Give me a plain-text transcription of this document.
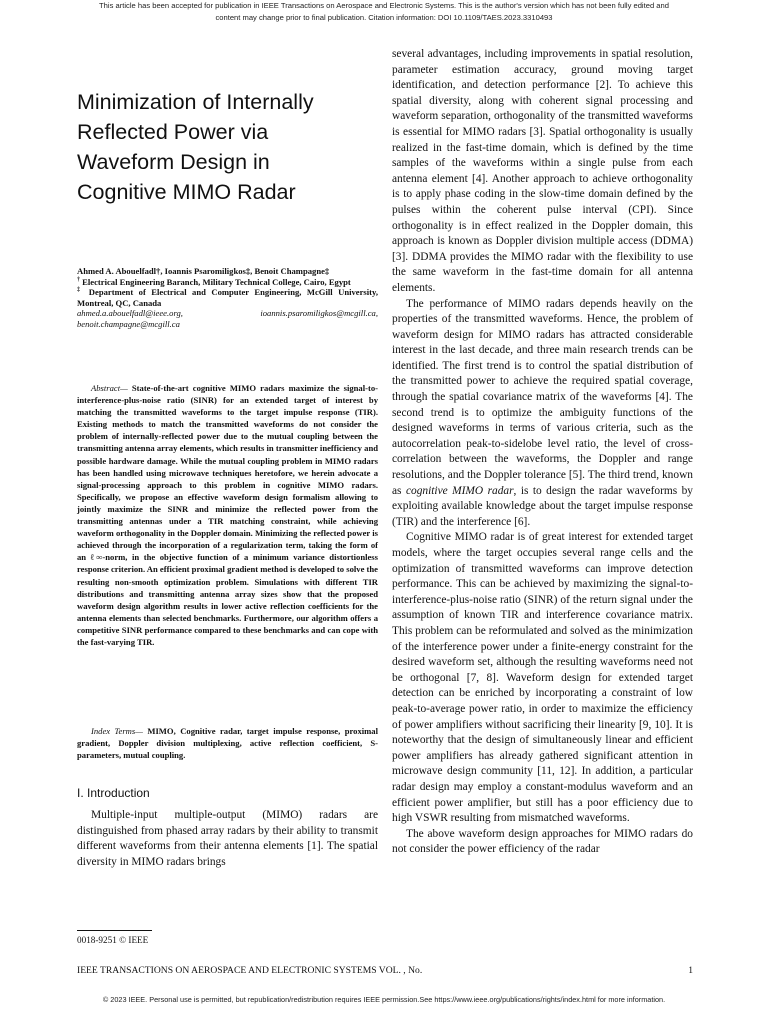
This article has been accepted for publication in IEEE Transactions on Aerospace and Electronic Systems. This is the author's version which has not been fully edited and
content may change prior to final publication. Citation information: DOI 10.1109/TAES.2023.3310493
Minimization of Internally
Reflected Power via
Waveform Design in
Cognitive MIMO Radar

Ahmed A. Abouelfadl†, Ioannis Psaromiligkos‡, Benoit Champagne‡

† Electrical Engineering Baranch, Military Technical College, Cairo, Egypt

‡ Department of Electrical and Computer Engineering, McGill University, Montreal, QC, Canada

ahmed.a.abouelfadl@ieee.org, ioannis.psaromiligkos@mcgill.ca, benoit.champagne@mcgill.ca

Abstract— State-of-the-art cognitive MIMO radars maximize the signal-to-interference-plus-noise ratio (SINR) for an extended target of interest by matching the transmitted waveforms to the target impulse response (TIR). Existing methods to match the transmitted waveforms do not consider the problem of internally-reflected power due to the mutual coupling between the transmitting antenna array elements, which results in transmitter inefficiency and possible hardware damage. While the mutual coupling problem in MIMO radars has been handled using microwave techniques heretofore, we herein advocate a signal-processing approach to this problem in cognitive MIMO radars. Specifically, we propose an effective waveform design formalism allowing to jointly maximize the SINR and minimize the reflected power from the transmitting antennas under a TIR matching constraint, while achieving waveform orthogonality in the Doppler domain. Minimizing the reflected power is achieved through the incorporation of a regularization term, taking the form of an ℓ∞-norm, in the objective function of a minimum variance distortionless response criterion. An efficient proximal gradient method is developed to solve the resulting non-smooth optimization problem. Simulations with different TIR distributions and transmitting antenna array sizes show that the proposed waveform design algorithm results in lower active reflection coefficients for the antenna elements than selected benchmarks. Furthermore, our algorithm offers a competitive SINR performance compared to these benchmarks and can cope with the fast-varying TIR.

Index Terms— MIMO, Cognitive radar, target impulse response, proximal gradient, Doppler division multiplexing, active reflection coefficient, S-parameters, mutual coupling.

I. Introduction

Multiple-input multiple-output (MIMO) radars are distinguished from phased array radars by their ability to transmit different waveforms from their antenna elements [1]. The spatial diversity in MIMO radars brings

0018-9251 © IEEE

several advantages, including improvements in spatial resolution, parameter estimation accuracy, ground moving target identification, and detection performance [2]. To achieve this spatial diversity, along with coherent signal processing and waveform separation, orthogonality of the transmitted waveforms is essential for MIMO radars [3]. Spatial orthogonality is usually realized in the fast-time domain, which is defined by the time samples of the waveforms within a single pulse from each antenna element [4]. Another approach to achieve orthogonality is to apply phase coding in the slow-time domain defined by the pulses within the coherent pulse interval (CPI). Since orthogonality is in effect realized in the Doppler domain, this approach is known as Doppler division multiple access (DDMA) [3]. DDMA provides the MIMO radar with the flexibility to use the same waveform in the fast-time domain for all antenna elements.

The performance of MIMO radars depends heavily on the properties of the transmitted waveforms. Hence, the problem of waveform design for MIMO radars has attracted considerable interest in the last decade, and three main research trends can be identified. The first trend is to control the spatial distribution of the transmitted power to achieve the required spatial coverage, through the spatial covariance matrix of the waveforms [4]. The second trend is to optimize the ambiguity functions of the designed waveforms in terms of various criteria, such as the autocorrelation peak-to-sidelobe level ratio, the level of cross-correlation between the waveforms, the Doppler and range resolutions, and the Doppler tolerance [5]. The third trend, known as cognitive MIMO radar, is to design the radar waveforms by exploiting available knowledge about the target impulse response (TIR) and the interference [6].

Cognitive MIMO radar is of great interest for extended target models, where the target occupies several range cells and the optimization of transmitted waveforms can improve detection performance. This can be achieved by maximizing the signal-to-interference-plus-noise ratio (SINR) of the return signal under the assumption of known TIR and interference covariance matrix. This problem can be reformulated and solved as the minimization of the interference power under a finite-energy constraint for the desired waveform set, although the resulting waveforms need not be orthogonal [7, 8]. Waveform design for extended target detection can be enriched by incorporating a constraint of low peak-to-average power ratio, in order to maximize the efficiency of power amplifiers without sacrificing their linearity [9, 10]. It is noteworthy that the design of simultaneously linear and efficient power amplifiers has already gathered significant attention in microwave design community [11, 12]. In addition, a particular radar design may employ a constant-modulus waveform and an efficient power amplifier, but still has a poor efficiency due to high VSWR resulting from mismatched waveforms.

The above waveform design approaches for MIMO radars do not consider the power efficiency of the radar

IEEE TRANSACTIONS ON AEROSPACE AND ELECTRONIC SYSTEMS VOL. , No.	1
© 2023 IEEE. Personal use is permitted, but republication/redistribution requires IEEE permission.See https://www.ieee.org/publications/rights/index.html for more information.
